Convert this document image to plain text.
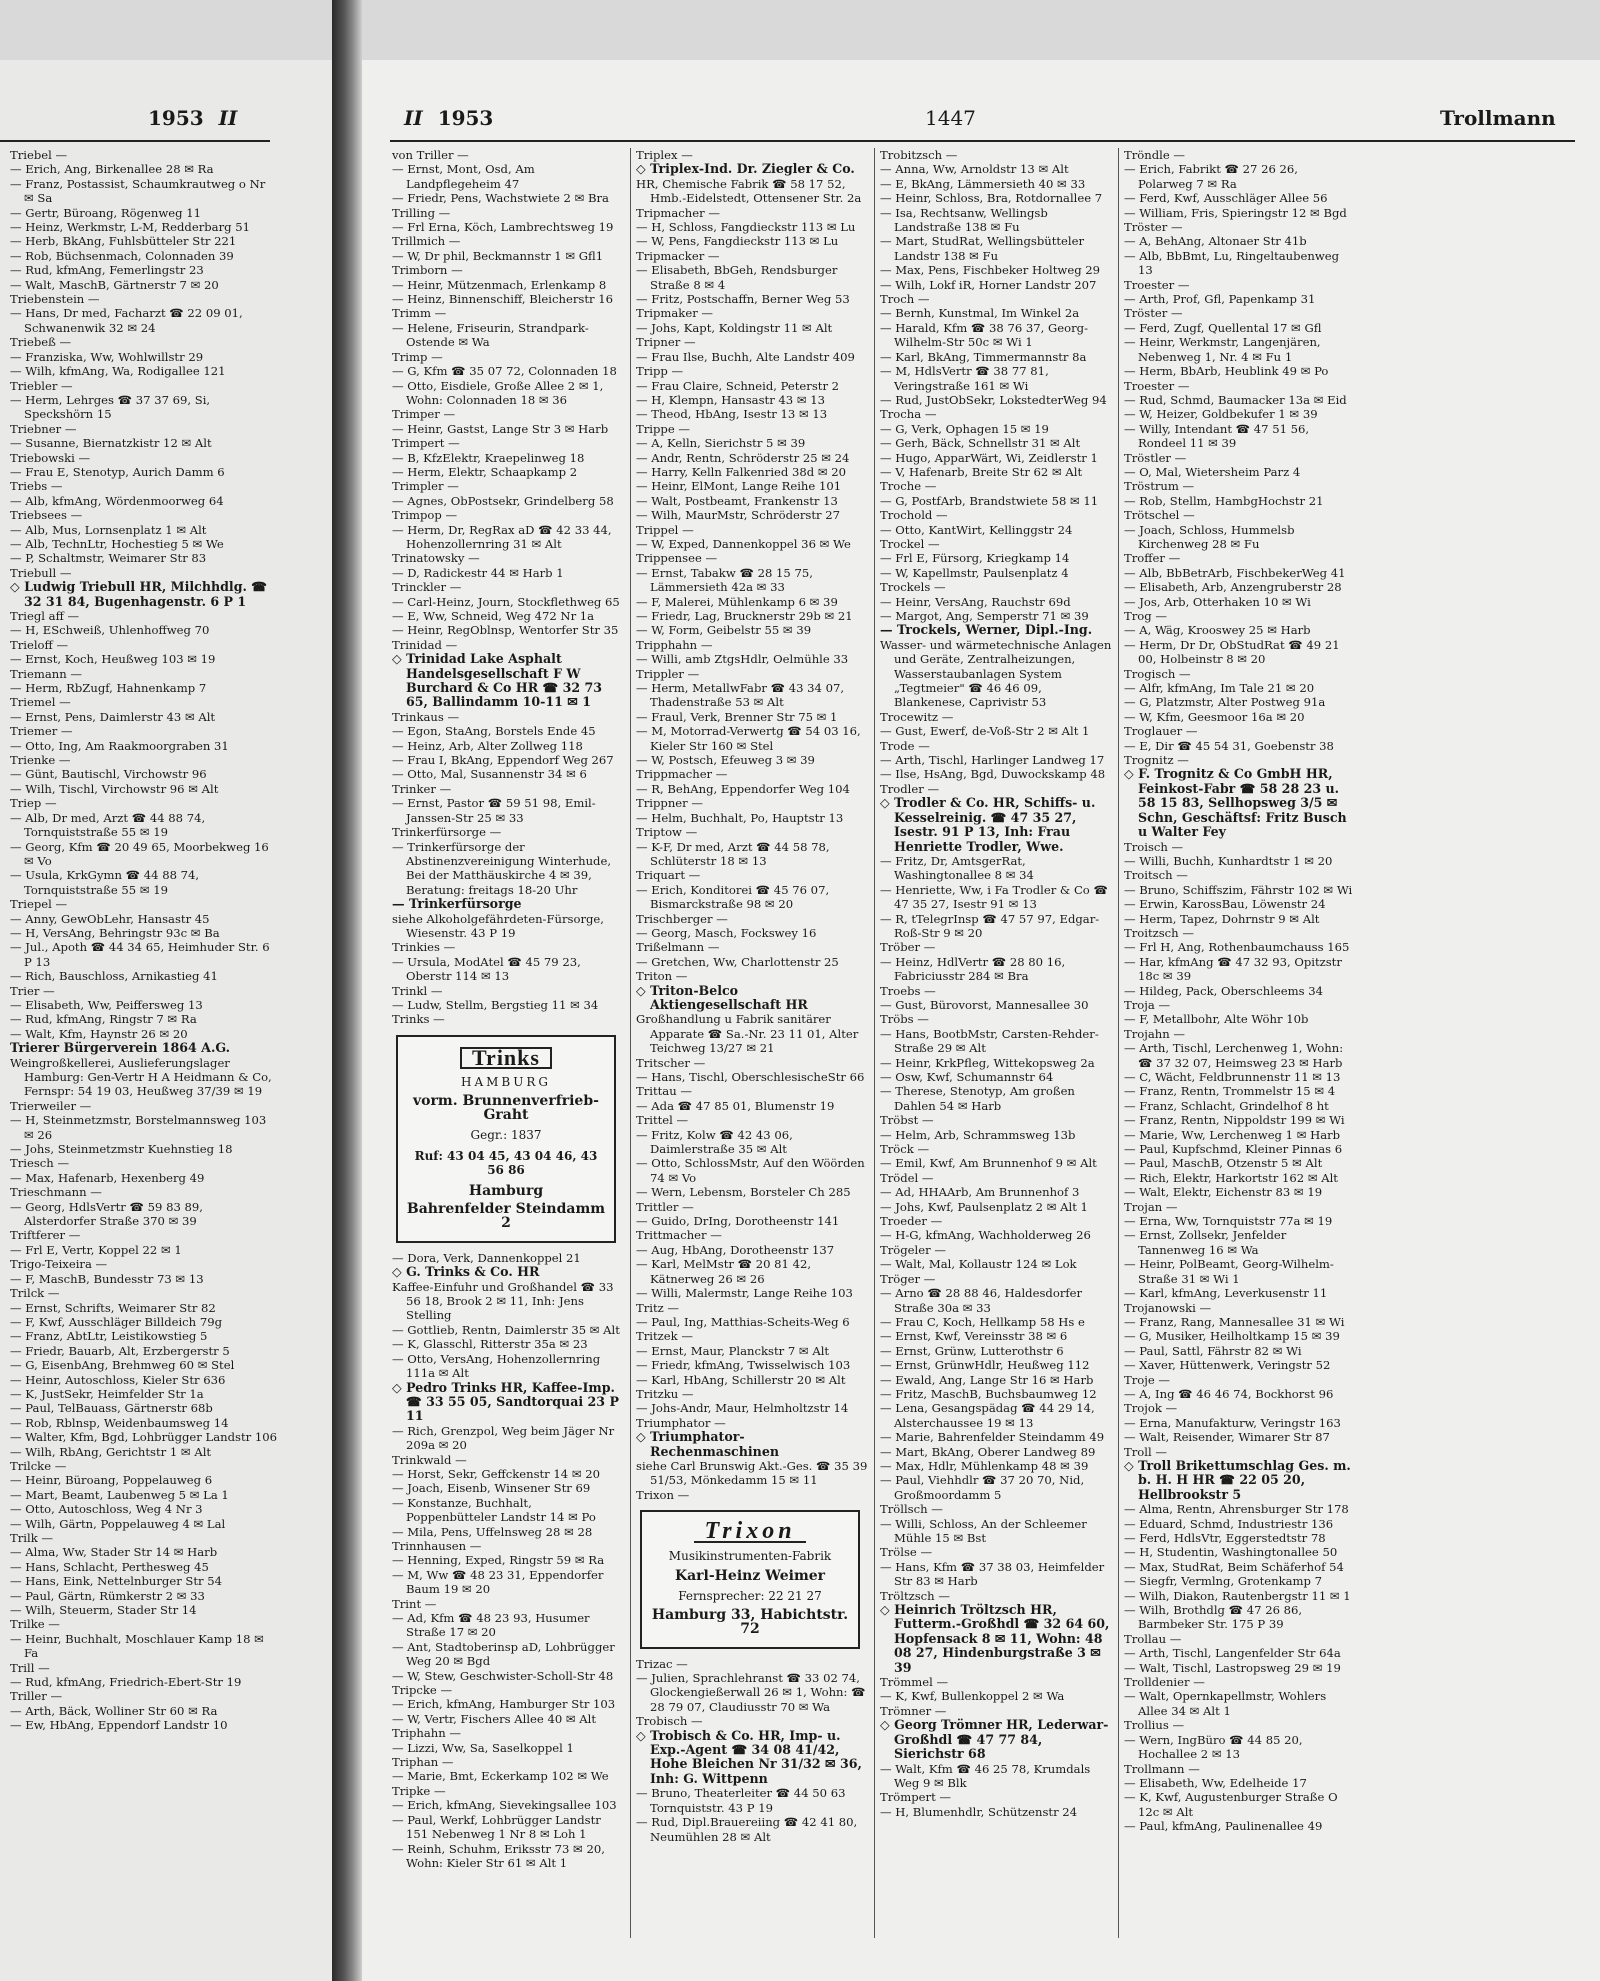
1953 II
Triebel —
— Erich, Ang, Birkenallee 28 ✉ Ra
— Franz, Postassist, Schaumkrautweg o Nr ✉ Sa
— Gertr, Büroang, Rögenweg 11
— Heinz, Werkmstr, L-M, Redderbarg 51
— Herb, BkAng, Fuhlsbütteler Str 221
— Rob, Büchsenmach, Colonnaden 39
— Rud, kfmAng, Femerlingstr 23
— Walt, MaschB, Gärtnerstr 7 ✉ 20
Triebenstein —
— Hans, Dr med, Facharzt ☎ 22 09 01, Schwanenwik 32 ✉ 24
Triebeß —
— Franziska, Ww, Wohlwillstr 29
— Wilh, kfmAng, Wa, Rodigallee 121
Triebler —
— Herm, Lehrges ☎ 37 37 69, Si, Speckshörn 15
Triebner —
— Susanne, Biernatzkistr 12 ✉ Alt
Triebowski —
— Frau E, Stenotyp, Aurich Damm 6
Triebs —
— Alb, kfmAng, Wördenmoorweg 64
Triebsees —
— Alb, Mus, Lornsenplatz 1 ✉ Alt
— Alb, TechnLtr, Hochestieg 5 ✉ We
— P, Schaltmstr, Weimarer Str 83
Triebull —
◇ Ludwig Triebull HR, Milchhdlg. ☎ 32 31 84, Bugenhagenstr. 6 P 1
Triegl aff —
— H, ESchweiß, Uhlenhoffweg 70
Trieloff —
— Ernst, Koch, Heußweg 103 ✉ 19
Triemann —
— Herm, RbZugf, Hahnenkamp 7
Triemel —
— Ernst, Pens, Daimlerstr 43 ✉ Alt
Triemer —
— Otto, Ing, Am Raakmoorgraben 31
Trienke —
— Günt, Bautischl, Virchowstr 96
— Wilh, Tischl, Virchowstr 96 ✉ Alt
Triep —
— Alb, Dr med, Arzt ☎ 44 88 74, Tornquiststraße 55 ✉ 19
— Georg, Kfm ☎ 20 49 65, Moorbekweg 16 ✉ Vo
— Usula, KrkGymn ☎ 44 88 74, Tornquiststraße 55 ✉ 19
Triepel —
— Anny, GewObLehr, Hansastr 45
— H, VersAng, Behringstr 93c ✉ Ba
— Jul., Apoth ☎ 44 34 65, Heimhuder Str. 6 P 13
— Rich, Bauschloss, Arnikastieg 41
Trier —
— Elisabeth, Ww, Peiffersweg 13
— Rud, kfmAng, Ringstr 7 ✉ Ra
— Walt, Kfm, Haynstr 26 ✉ 20
Trierer Bürgerverein 1864 A.G.
Weingroßkellerei, Auslieferungslager Hamburg: Gen-Vertr H A Heidmann & Co, Fernspr: 54 19 03, Heußweg 37/39 ✉ 19
Trierweiler —
— H, Steinmetzmstr, Borstelmannsweg 103 ✉ 26
— Johs, Steinmetzmstr Kuehnstieg 18
Triesch —
— Max, Hafenarb, Hexenberg 49
Trieschmann —
— Georg, HdlsVertr ☎ 59 83 89, Alsterdorfer Straße 370 ✉ 39
Triftferer —
— Frl E, Vertr, Koppel 22 ✉ 1
Trigo-Teixeira —
— F, MaschB, Bundesstr 73 ✉ 13
Trilck —
— Ernst, Schrifts, Weimarer Str 82
— F, Kwf, Ausschläger Billdeich 79g
— Franz, AbtLtr, Leistikowstieg 5
— Friedr, Bauarb, Alt, Erzbergerstr 5
— G, EisenbAng, Brehmweg 60 ✉ Stel
— Heinr, Autoschloss, Kieler Str 636
— K, JustSekr, Heimfelder Str 1a
— Paul, TelBauass, Gärtnerstr 68b
— Rob, Rblnsp, Weidenbaumsweg 14
— Walter, Kfm, Bgd, Lohbrügger Landstr 106
— Wilh, RbAng, Gerichtstr 1 ✉ Alt
Trilcke —
— Heinr, Büroang, Poppelauweg 6
— Mart, Beamt, Laubenweg 5 ✉ La 1
— Otto, Autoschloss, Weg 4 Nr 3
— Wilh, Gärtn, Poppelauweg 4 ✉ Lal
Trilk —
— Alma, Ww, Stader Str 14 ✉ Harb
— Hans, Schlacht, Perthesweg 45
— Hans, Eink, Nettelnburger Str 54
— Paul, Gärtn, Rümkerstr 2 ✉ 33
— Wilh, Steuerm, Stader Str 14
Trilke —
— Heinr, Buchhalt, Moschlauer Kamp 18 ✉ Fa
Trill —
— Rud, kfmAng, Friedrich-Ebert-Str 19
Triller —
— Arth, Bäck, Wolliner Str 60 ✉ Ra
— Ew, HbAng, Eppendorf Landstr 10
II 1953	1447	Trollmann
von Triller —
— Ernst, Mont, Osd, Am Landpflegeheim 47
— Friedr, Pens, Wachstwiete 2 ✉ Bra
Trilling —
— Frl Erna, Köch, Lambrechtsweg 19
Trillmich —
— W, Dr phil, Beckmannstr 1 ✉ Gfl1
Trimborn —
— Heinr, Mützenmach, Erlenkamp 8
— Heinz, Binnenschiff, Bleicherstr 16
Trimm —
— Helene, Friseurin, Strandpark-Ostende ✉ Wa
Trimp —
— G, Kfm ☎ 35 07 72, Colonnaden 18
— Otto, Eisdiele, Große Allee 2 ✉ 1, Wohn: Colonnaden 18 ✉ 36
Trimper —
— Heinr, Gastst, Lange Str 3 ✉ Harb
Trimpert —
— B, KfzElektr, Kraepelinweg 18
— Herm, Elektr, Schaapkamp 2
Trimpler —
— Agnes, ObPostsekr, Grindelberg 58
Trimpop —
— Herm, Dr, RegRax aD ☎ 42 33 44, Hohenzollernring 31 ✉ Alt
Trinatowsky —
— D, Radickestr 44 ✉ Harb 1
Trinckler —
— Carl-Heinz, Journ, Stockflethweg 65
— E, Ww, Schneid, Weg 472 Nr 1a
— Heinr, RegOblnsp, Wentorfer Str 35
Trinidad —
◇ Trinidad Lake Asphalt Handelsgesellschaft F W Burchard & Co HR ☎ 32 73 65, Ballindamm 10-11 ✉ 1
Trinkaus —
— Egon, StaAng, Borstels Ende 45
— Heinz, Arb, Alter Zollweg 118
— Frau I, BkAng, Eppendorf Weg 267
— Otto, Mal, Susannenstr 34 ✉ 6
Trinker —
— Ernst, Pastor ☎ 59 51 98, Emil-Janssen-Str 25 ✉ 33
Trinkerfürsorge —
— Trinkerfürsorge der Abstinenzvereinigung Winterhude, Bei der Matthäuskirche 4 ✉ 39, Beratung: freitags 18-20 Uhr
— Trinkerfürsorge
siehe Alkoholgefährdeten-Fürsorge, Wiesenstr. 43 P 19
Trinkies —
— Ursula, ModAtel ☎ 45 79 23, Oberstr 114 ✉ 13
Trinkl —
— Ludw, Stellm, Bergstieg 11 ✉ 34
Trinks —
Trinks
HAMBURG
vorm. Brunnenverfrieb-Graht
Gegr.: 1837
Ruf: 43 04 45, 43 04 46, 43 56 86
Hamburg
Bahrenfelder Steindamm 2
— Dora, Verk, Dannenkoppel 21
◇ G. Trinks & Co. HR
Kaffee-Einfuhr und Großhandel ☎ 33 56 18, Brook 2 ✉ 11, Inh: Jens Stelling
— Gottlieb, Rentn, Daimlerstr 35 ✉ Alt
— K, Glasschl, Ritterstr 35a ✉ 23
— Otto, VersAng, Hohenzollernring 111a ✉ Alt
◇ Pedro Trinks HR, Kaffee-Imp. ☎ 33 55 05, Sandtorquai 23 P 11
— Rich, Grenzpol, Weg beim Jäger Nr 209a ✉ 20
Trinkwald —
— Horst, Sekr, Geffckenstr 14 ✉ 20
— Joach, Eisenb, Winsener Str 69
— Konstanze, Buchhalt, Poppenbütteler Landstr 14 ✉ Po
— Mila, Pens, Uffelnsweg 28 ✉ 28
Trinnhausen —
— Henning, Exped, Ringstr 59 ✉ Ra
— M, Ww ☎ 48 23 31, Eppendorfer Baum 19 ✉ 20
Trint —
— Ad, Kfm ☎ 48 23 93, Husumer Straße 17 ✉ 20
— Ant, Stadtoberinsp aD, Lohbrügger Weg 20 ✉ Bgd
— W, Stew, Geschwister-Scholl-Str 48
Tripcke —
— Erich, kfmAng, Hamburger Str 103
— W, Vertr, Fischers Allee 40 ✉ Alt
Triphahn —
— Lizzi, Ww, Sa, Saselkoppel 1
Triphan —
— Marie, Bmt, Eckerkamp 102 ✉ We
Tripke —
— Erich, kfmAng, Sievekingsallee 103
— Paul, Werkf, Lohbrügger Landstr 151 Nebenweg 1 Nr 8 ✉ Loh 1
— Reinh, Schuhm, Eriksstr 73 ✉ 20, Wohn: Kieler Str 61 ✉ Alt 1
Triplex —
◇ Triplex-Ind. Dr. Ziegler & Co.
HR, Chemische Fabrik ☎ 58 17 52, Hmb.-Eidelstedt, Ottensener Str. 2a
Tripmacher —
— H, Schloss, Fangdieckstr 113 ✉ Lu
— W, Pens, Fangdieckstr 113 ✉ Lu
Tripmacker —
— Elisabeth, BbGeh, Rendsburger Straße 8 ✉ 4
— Fritz, Postschaffn, Berner Weg 53
Tripmaker —
— Johs, Kapt, Koldingstr 11 ✉ Alt
Tripner —
— Frau Ilse, Buchh, Alte Landstr 409
Tripp —
— Frau Claire, Schneid, Peterstr 2
— H, Klempn, Hansastr 43 ✉ 13
— Theod, HbAng, Isestr 13 ✉ 13
Trippe —
— A, Kelln, Sierichstr 5 ✉ 39
— Andr, Rentn, Schröderstr 25 ✉ 24
— Harry, Kelln Falkenried 38d ✉ 20
— Heinr, ElMont, Lange Reihe 101
— Walt, Postbeamt, Frankenstr 13
— Wilh, MaurMstr, Schröderstr 27
Trippel —
— W, Exped, Dannenkoppel 36 ✉ We
Trippensee —
— Ernst, Tabakw ☎ 28 15 75, Lämmersieth 42a ✉ 33
— F, Malerei, Mühlenkamp 6 ✉ 39
— Friedr, Lag, Brucknerstr 29b ✉ 21
— W, Form, Geibelstr 55 ✉ 39
Tripphahn —
— Willi, amb ZtgsHdlr, Oelmühle 33
Trippler —
— Herm, MetallwFabr ☎ 43 34 07, Thadenstraße 53 ✉ Alt
— Fraul, Verk, Brenner Str 75 ✉ 1
— M, Motorrad-Verwertg ☎ 54 03 16, Kieler Str 160 ✉ Stel
— W, Postsch, Efeuweg 3 ✉ 39
Trippmacher —
— R, BehAng, Eppendorfer Weg 104
Trippner —
— Helm, Buchhalt, Po, Hauptstr 13
Triptow —
— K-F, Dr med, Arzt ☎ 44 58 78, Schlüterstr 18 ✉ 13
Triquart —
— Erich, Konditorei ☎ 45 76 07, Bismarckstraße 98 ✉ 20
Trischberger —
— Georg, Masch, Fockswey 16
Trißelmann —
— Gretchen, Ww, Charlottenstr 25
Triton —
◇ Triton-Belco Aktiengesellschaft HR
Großhandlung u Fabrik sanitärer Apparate ☎ Sa.-Nr. 23 11 01, Alter Teichweg 13/27 ✉ 21
Tritscher —
— Hans, Tischl, OberschlesischeStr 66
Trittau —
— Ada ☎ 47 85 01, Blumenstr 19
Trittel —
— Fritz, Kolw ☎ 42 43 06, Daimlerstraße 35 ✉ Alt
— Otto, SchlossMstr, Auf den Wöörden 74 ✉ Vo
— Wern, Lebensm, Borsteler Ch 285
Trittler —
— Guido, DrIng, Dorotheenstr 141
Trittmacher —
— Aug, HbAng, Dorotheenstr 137
— Karl, MelMstr ☎ 20 81 42, Kätnerweg 26 ✉ 26
— Willi, Malermstr, Lange Reihe 103
Tritz —
— Paul, Ing, Matthias-Scheits-Weg 6
Tritzek —
— Ernst, Maur, Planckstr 7 ✉ Alt
— Friedr, kfmAng, Twisselwisch 103
— Karl, HbAng, Schillerstr 20 ✉ Alt
Tritzku —
— Johs-Andr, Maur, Helmholtzstr 14
Triumphator —
◇ Triumphator-Rechenmaschinen
siehe Carl Brunswig Akt.-Ges. ☎ 35 39 51/53, Mönkedamm 15 ✉ 11
Trixon —
Trixon
Musikinstrumenten-Fabrik
Karl-Heinz Weimer
Fernsprecher: 22 21 27
Hamburg 33, Habichtstr. 72
Trizac —
— Julien, Sprachlehranst ☎ 33 02 74, Glockengießerwall 26 ✉ 1, Wohn: ☎ 28 79 07, Claudiusstr 70 ✉ Wa
Trobisch —
◇ Trobisch & Co. HR, Imp- u. Exp.-Agent ☎ 34 08 41/42, Hohe Bleichen Nr 31/32 ✉ 36, Inh: G. Wittpenn
— Bruno, Theaterleiter ☎ 44 50 63 Tornquiststr. 43 P 19
— Rud, Dipl.Brauereiing ☎ 42 41 80, Neumühlen 28 ✉ Alt
Trobitzsch —
— Anna, Ww, Arnoldstr 13 ✉ Alt
— E, BkAng, Lämmersieth 40 ✉ 33
— Heinr, Schloss, Bra, Rotdornallee 7
— Isa, Rechtsanw, Wellingsb Landstraße 138 ✉ Fu
— Mart, StudRat, Wellingsbütteler Landstr 138 ✉ Fu
— Max, Pens, Fischbeker Holtweg 29
— Wilh, Lokf iR, Horner Landstr 207
Troch —
— Bernh, Kunstmal, Im Winkel 2a
— Harald, Kfm ☎ 38 76 37, Georg-Wilhelm-Str 50c ✉ Wi 1
— Karl, BkAng, Timmermannstr 8a
— M, HdlsVertr ☎ 38 77 81, Veringstraße 161 ✉ Wi
— Rud, JustObSekr, LokstedterWeg 94
Trocha —
— G, Verk, Ophagen 15 ✉ 19
— Gerh, Bäck, Schnellstr 31 ✉ Alt
— Hugo, ApparWärt, Wi, Zeidlerstr 1
— V, Hafenarb, Breite Str 62 ✉ Alt
Troche —
— G, PostfArb, Brandstwiete 58 ✉ 11
Trochold —
— Otto, KantWirt, Kellinggstr 24
Trockel —
— Frl E, Fürsorg, Kriegkamp 14
— W, Kapellmstr, Paulsenplatz 4
Trockels —
— Heinr, VersAng, Rauchstr 69d
— Margot, Ang, Semperstr 71 ✉ 39
— Trockels, Werner, Dipl.-Ing.
Wasser- und wärmetechnische Anlagen und Geräte, Zentralheizungen, Wasserstaubanlagen System „Tegtmeier" ☎ 46 46 09, Blankenese, Caprivistr 53
Trocewitz —
— Gust, Ewerf, de-Voß-Str 2 ✉ Alt 1
Trode —
— Arth, Tischl, Harlinger Landweg 17
— Ilse, HsAng, Bgd, Duwockskamp 48
Trodler —
◇ Trodler & Co. HR, Schiffs- u. Kesselreinig. ☎ 47 35 27, Isestr. 91 P 13, Inh: Frau Henriette Trodler, Wwe.
— Fritz, Dr, AmtsgerRat, Washingtonallee 8 ✉ 34
— Henriette, Ww, i Fa Trodler & Co ☎ 47 35 27, Isestr 91 ✉ 13
— R, tTelegrInsp ☎ 47 57 97, Edgar-Roß-Str 9 ✉ 20
Tröber —
— Heinz, HdlVertr ☎ 28 80 16, Fabriciusstr 284 ✉ Bra
Troebs —
— Gust, Bürovorst, Mannesallee 30
Tröbs —
— Hans, BootbMstr, Carsten-Rehder-Straße 29 ✉ Alt
— Heinr, KrkPfleg, Wittekopsweg 2a
— Osw, Kwf, Schumannstr 64
— Therese, Stenotyp, Am großen Dahlen 54 ✉ Harb
Tröbst —
— Helm, Arb, Schrammsweg 13b
Tröck —
— Emil, Kwf, Am Brunnenhof 9 ✉ Alt
Trödel —
— Ad, HHAArb, Am Brunnenhof 3
— Johs, Kwf, Paulsenplatz 2 ✉ Alt 1
Troeder —
— H-G, kfmAng, Wachholderweg 26
Trögeler —
— Walt, Mal, Kollaustr 124 ✉ Lok
Tröger —
— Arno ☎ 28 88 46, Haldesdorfer Straße 30a ✉ 33
— Frau C, Koch, Hellkamp 58 Hs e
— Ernst, Kwf, Vereinsstr 38 ✉ 6
— Ernst, Grünw, Lutterothstr 6
— Ernst, GrünwHdlr, Heußweg 112
— Ewald, Ang, Lange Str 16 ✉ Harb
— Fritz, MaschB, Buchsbaumweg 12
— Lena, Gesangspädag ☎ 44 29 14, Alsterchaussee 19 ✉ 13
— Marie, Bahrenfelder Steindamm 49
— Mart, BkAng, Oberer Landweg 89
— Max, Hdlr, Mühlenkamp 48 ✉ 39
— Paul, Viehhdlr ☎ 37 20 70, Nid, Großmoordamm 5
Tröllsch —
— Willi, Schloss, An der Schleemer Mühle 15 ✉ Bst
Trölse —
— Hans, Kfm ☎ 37 38 03, Heimfelder Str 83 ✉ Harb
Tröltzsch —
◇ Heinrich Tröltzsch HR, Futterm.-Großhdl ☎ 32 64 60, Hopfensack 8 ✉ 11, Wohn: 48 08 27, Hindenburgstraße 3 ✉ 39
Trömmel —
— K, Kwf, Bullenkoppel 2 ✉ Wa
Trömner —
◇ Georg Trömner HR, Lederwar-Großhdl ☎ 47 77 84, Sierichstr 68
— Walt, Kfm ☎ 46 25 78, Krumdals Weg 9 ✉ Blk
Trömpert —
— H, Blumenhdlr, Schützenstr 24
Tröndle —
— Erich, Fabrikt ☎ 27 26 26, Polarweg 7 ✉ Ra
— Ferd, Kwf, Ausschläger Allee 56
— William, Fris, Spieringstr 12 ✉ Bgd
Tröster —
— A, BehAng, Altonaer Str 41b
— Alb, BbBmt, Lu, Ringeltaubenweg 13
Troester —
— Arth, Prof, Gfl, Papenkamp 31
Tröster —
— Ferd, Zugf, Quellental 17 ✉ Gfl
— Heinr, Werkmstr, Langenjären, Nebenweg 1, Nr. 4 ✉ Fu 1
— Herm, BbArb, Heublink 49 ✉ Po
Troester —
— Rud, Schmd, Baumacker 13a ✉ Eid
— W, Heizer, Goldbekufer 1 ✉ 39
— Willy, Intendant ☎ 47 51 56, Rondeel 11 ✉ 39
Tröstler —
— O, Mal, Wietersheim Parz 4
Tröstrum —
— Rob, Stellm, HambgHochstr 21
Trötschel —
— Joach, Schloss, Hummelsb Kirchenweg 28 ✉ Fu
Troffer —
— Alb, BbBetrArb, FischbekerWeg 41
— Elisabeth, Arb, Anzengruberstr 28
— Jos, Arb, Otterhaken 10 ✉ Wi
Trog —
— A, Wäg, Krooswey 25 ✉ Harb
— Herm, Dr Dr, ObStudRat ☎ 49 21 00, Holbeinstr 8 ✉ 20
Trogisch —
— Alfr, kfmAng, Im Tale 21 ✉ 20
— G, Platzmstr, Alter Postweg 91a
— W, Kfm, Geesmoor 16a ✉ 20
Troglauer —
— E, Dir ☎ 45 54 31, Goebenstr 38
Trognitz —
◇ F. Trognitz & Co GmbH HR, Feinkost-Fabr ☎ 58 28 23 u. 58 15 83, Sellhopsweg 3/5 ✉ Schn, Geschäftsf: Fritz Busch u Walter Fey
Troisch —
— Willi, Buchh, Kunhardtstr 1 ✉ 20
Troitsch —
— Bruno, Schiffszim, Fährstr 102 ✉ Wi
— Erwin, KarossBau, Löwenstr 24
— Herm, Tapez, Dohrnstr 9 ✉ Alt
Troitzsch —
— Frl H, Ang, Rothenbaumchauss 165
— Har, kfmAng ☎ 47 32 93, Opitzstr 18c ✉ 39
— Hildeg, Pack, Oberschleems 34
Troja —
— F, Metallbohr, Alte Wöhr 10b
Trojahn —
— Arth, Tischl, Lerchenweg 1, Wohn: ☎ 37 32 07, Heimsweg 23 ✉ Harb
— C, Wächt, Feldbrunnenstr 11 ✉ 13
— Franz, Rentn, Trommelstr 15 ✉ 4
— Franz, Schlacht, Grindelhof 8 ht
— Franz, Rentn, Nippoldstr 199 ✉ Wi
— Marie, Ww, Lerchenweg 1 ✉ Harb
— Paul, Kupfschmd, Kleiner Pinnas 6
— Paul, MaschB, Otzenstr 5 ✉ Alt
— Rich, Elektr, Harkortstr 162 ✉ Alt
— Walt, Elektr, Eichenstr 83 ✉ 19
Trojan —
— Erna, Ww, Tornquiststr 77a ✉ 19
— Ernst, Zollsekr, Jenfelder Tannenweg 16 ✉ Wa
— Heinr, PolBeamt, Georg-Wilhelm-Straße 31 ✉ Wi 1
— Karl, kfmAng, Leverkusenstr 11
Trojanowski —
— Franz, Rang, Mannesallee 31 ✉ Wi
— G, Musiker, Heilholtkamp 15 ✉ 39
— Paul, Sattl, Fährstr 82 ✉ Wi
— Xaver, Hüttenwerk, Veringstr 52
Troje —
— A, Ing ☎ 46 46 74, Bockhorst 96
Trojok —
— Erna, Manufakturw, Veringstr 163
— Walt, Reisender, Wimarer Str 87
Troll —
◇ Troll Brikettumschlag Ges. m. b. H. H HR ☎ 22 05 20, Hellbrookstr 5
— Alma, Rentn, Ahrensburger Str 178
— Eduard, Schmd, Industriestr 136
— Ferd, HdlsVtr, Eggerstedtstr 78
— H, Studentin, Washingtonallee 50
— Max, StudRat, Beim Schäferhof 54
— Siegfr, Vermlng, Grotenkamp 7
— Wilh, Diakon, Rautenbergstr 11 ✉ 1
— Wilh, Brothdlg ☎ 47 26 86, Barmbeker Str. 175 P 39
Trollau —
— Arth, Tischl, Langenfelder Str 64a
— Walt, Tischl, Lastropsweg 29 ✉ 19
Trolldenier —
— Walt, Opernkapellmstr, Wohlers Allee 34 ✉ Alt 1
Trollius —
— Wern, IngBüro ☎ 44 85 20, Hochallee 2 ✉ 13
Trollmann —
— Elisabeth, Ww, Edelheide 17
— K, Kwf, Augustenburger Straße O 12c ✉ Alt
— Paul, kfmAng, Paulinenallee 49
